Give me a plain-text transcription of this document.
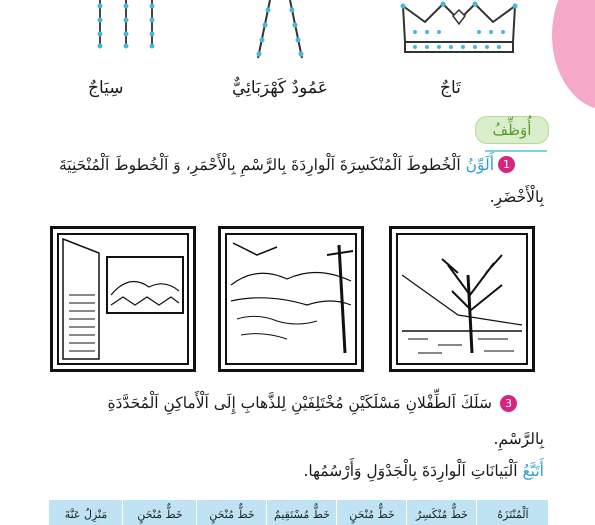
سِيَاجٌ	عَمُودٌ كَهْرَبَائِيٌّ	تَاجٌ
أُوَظِّفُ
1
أَلَوِّنُ اَلْخُطوطَ اَلْمُنْكَسِرَةَ اَلْوارِدَةَ بِالرَّسْمِ بِالْأَحْمَرِ، وَ اَلْخُطوطَ اَلْمُنْحَنِيَةَ
بِالْأَخْضَرِ.
3
سَلَكَ اَلطِّفْلانِ مَسْلَكَيْنِ مُخْتَلِفَيْنِ لِلذَّهابِ إِلَى اَلْأَماكِنِ اَلْمُحَدَّدَةِ
بِالرَّسْمِ.
أَتَبَّعُ اَلْبَيانَاتِ اَلْوارِدَةَ بِالْجَدْوَلِ وَأَرْسُمُها.
اَلْمُنْتَزَهُ
خَطٌّ مُنْكَسِرٌ
خَطٌّ مُنْحَنٍ
خَطٌّ مُسْتَقِيمٌ
خَطٌّ مُنْحَنٍ
خَطٌّ مُنْحَنٍ
مَنْزِلُ عَنَّةَ
